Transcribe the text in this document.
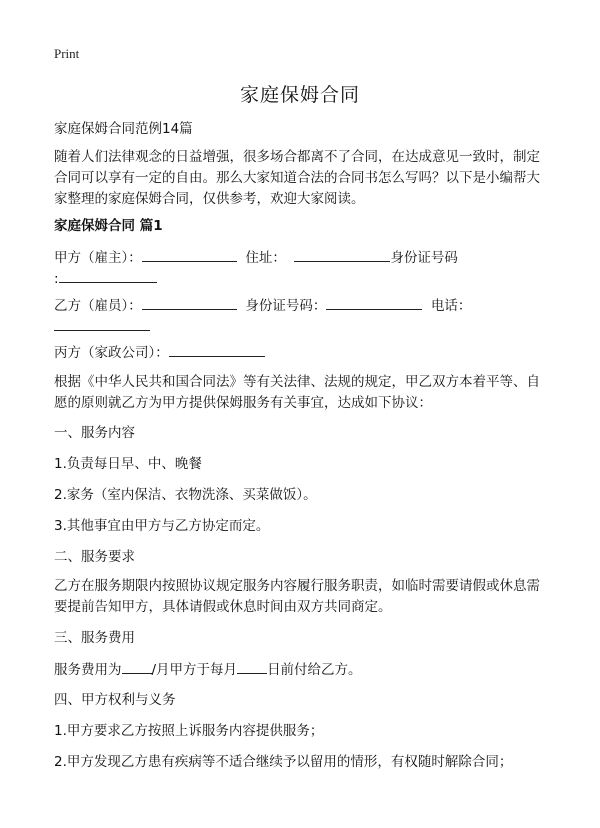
Print
家庭保姆合同
家庭保姆合同范例14篇
随着人们法律观念的日益增强，很多场合都离不了合同，在达成意见一致时，制定合同可以享有一定的自由。那么大家知道合法的合同书怎么写吗？以下是小编帮大家整理的家庭保姆合同，仅供参考，欢迎大家阅读。
家庭保姆合同 篇1
甲方（雇主）：	住址：	身份证号码
:
乙方（雇员）：	身份证号码：	电话：
丙方（家政公司）：
根据《中华人民共和国合同法》等有关法律、法规的规定，甲乙双方本着平等、自愿的原则就乙方为甲方提供保姆服务有关事宜，达成如下协议：
一、服务内容
1.负责每日早、中、晚餐
2.家务（室内保洁、衣物洗涤、买菜做饭）。
3.其他事宜由甲方与乙方协定而定。
二、服务要求
乙方在服务期限内按照协议规定服务内容履行服务职责，如临时需要请假或休息需要提前告知甲方，具体请假或休息时间由双方共同商定。
三、服务费用
服务费用为 /月甲方于每月 日前付给乙方。
四、甲方权利与义务
1.甲方要求乙方按照上诉服务内容提供服务；
2.甲方发现乙方患有疾病等不适合继续予以留用的情形，有权随时解除合同；
